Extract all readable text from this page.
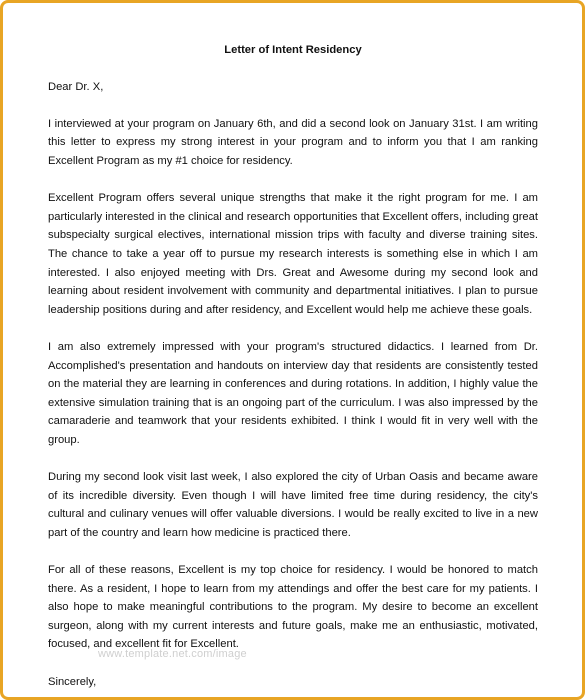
Letter of Intent Residency
Dear Dr. X,
I interviewed at your program on January 6th, and did a second look on January 31st. I am writing this letter to express my strong interest in your program and to inform you that I am ranking Excellent Program as my #1 choice for residency.
Excellent Program offers several unique strengths that make it the right program for me. I am particularly interested in the clinical and research opportunities that Excellent offers, including great subspecialty surgical electives, international mission trips with faculty and diverse training sites. The chance to take a year off to pursue my research interests is something else in which I am interested. I also enjoyed meeting with Drs. Great and Awesome during my second look and learning about resident involvement with community and departmental initiatives. I plan to pursue leadership positions during and after residency, and Excellent would help me achieve these goals.
I am also extremely impressed with your program's structured didactics. I learned from Dr. Accomplished's presentation and handouts on interview day that residents are consistently tested on the material they are learning in conferences and during rotations. In addition, I highly value the extensive simulation training that is an ongoing part of the curriculum. I was also impressed by the camaraderie and teamwork that your residents exhibited. I think I would fit in very well with the group.
During my second look visit last week, I also explored the city of Urban Oasis and became aware of its incredible diversity. Even though I will have limited free time during residency, the city's cultural and culinary venues will offer valuable diversions. I would be really excited to live in a new part of the country and learn how medicine is practiced there.
For all of these reasons, Excellent is my top choice for residency. I would be honored to match there. As a resident, I hope to learn from my attendings and offer the best care for my patients. I also hope to make meaningful contributions to the program. My desire to become an excellent surgeon, along with my current interests and future goals, make me an enthusiastic, motivated, focused, and excellent fit for Excellent.
Sincerely,
www.template.net.com/image
